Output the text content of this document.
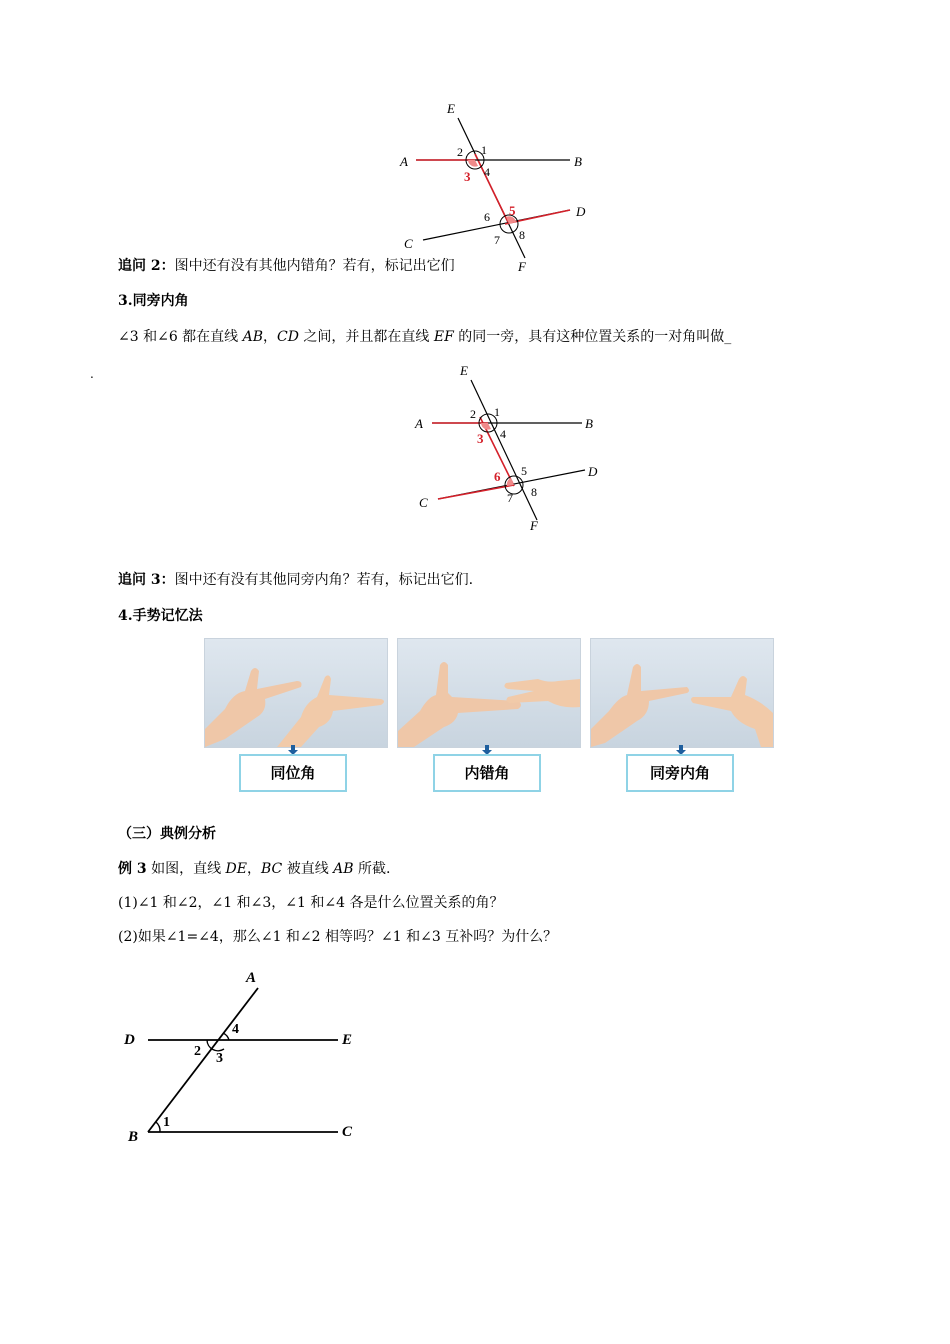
E
A	B
C
D
F
1
2
3 4
5
6
7 8
追问 2：图中还有没有其他内错角？若有，标记出它们
3.同旁内角
∠3 和∠6 都在直线 AB，CD 之间，并且都在直线 EF 的同一旁，具有这种位置关系的一对角叫做_
.	E
A	B
C
D
F
1
2
3 4
5
6
7 8
追问 3：图中还有没有其他同旁内角？若有，标记出它们.
4.手势记忆法
同位角	内错角	同旁内角
（三）典例分析
例 3 如图，直线 DE，BC 被直线 AB 所截.
(1)∠1 和∠2，∠1 和∠3，∠1 和∠4 各是什么位置关系的角？
(2)如果∠1=∠4，那么∠1 和∠2 相等吗？∠1 和∠3 互补吗？为什么？
A
D	E
B	C
1
2 3
4
